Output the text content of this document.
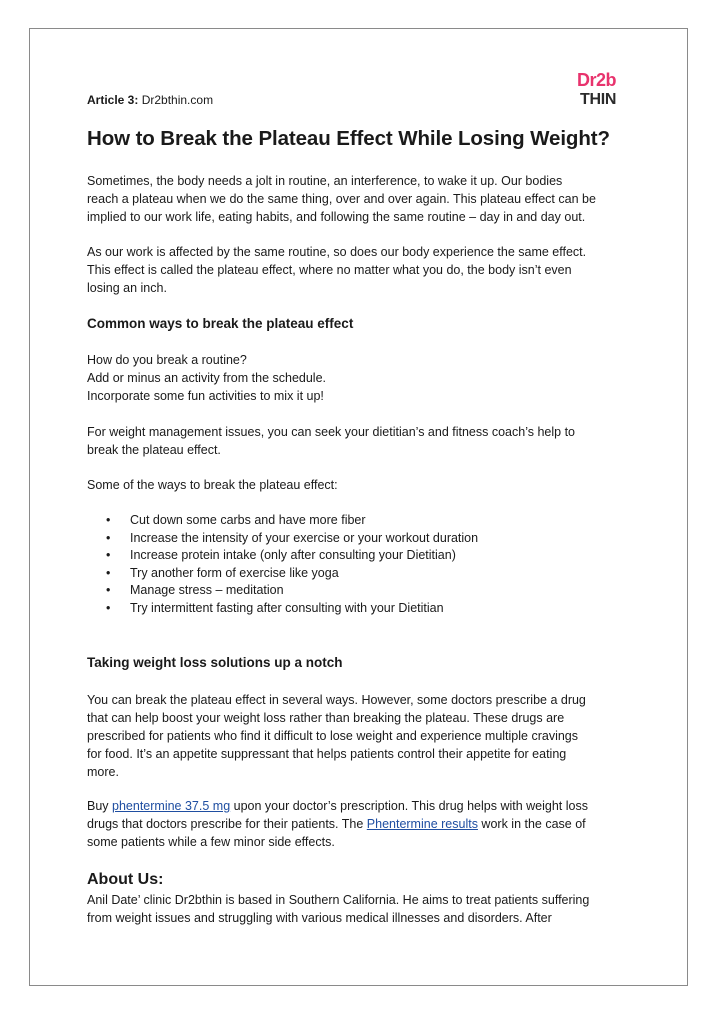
Article 3: Dr2bthin.com
Dr2b
THIN
How to Break the Plateau Effect While Losing Weight?

Sometimes, the body needs a jolt in routine, an interference, to wake it up. Our bodies
reach a plateau when we do the same thing, over and over again. This plateau effect can be
implied to our work life, eating habits, and following the same routine – day in and day out.

As our work is affected by the same routine, so does our body experience the same effect.
This effect is called the plateau effect, where no matter what you do, the body isn’t even
losing an inch.

Common ways to break the plateau effect

How do you break a routine?
Add or minus an activity from the schedule.
Incorporate some fun activities to mix it up!

For weight management issues, you can seek your dietitian’s and fitness coach’s help to
break the plateau effect.

Some of the ways to break the plateau effect:

• Cut down some carbs and have more fiber
• Increase the intensity of your exercise or your workout duration
• Increase protein intake (only after consulting your Dietitian)
• Try another form of exercise like yoga
• Manage stress – meditation
• Try intermittent fasting after consulting with your Dietitian
Taking weight loss solutions up a notch

You can break the plateau effect in several ways. However, some doctors prescribe a drug
that can help boost your weight loss rather than breaking the plateau. These drugs are
prescribed for patients who find it difficult to lose weight and experience multiple cravings
for food. It’s an appetite suppressant that helps patients control their appetite for eating
more.

Buy phentermine 37.5 mg upon your doctor’s prescription. This drug helps with weight loss
drugs that doctors prescribe for their patients. The Phentermine results work in the case of
some patients while a few minor side effects.

About Us:

Anil Date’ clinic Dr2bthin is based in Southern California. He aims to treat patients suffering
from weight issues and struggling with various medical illnesses and disorders. After
